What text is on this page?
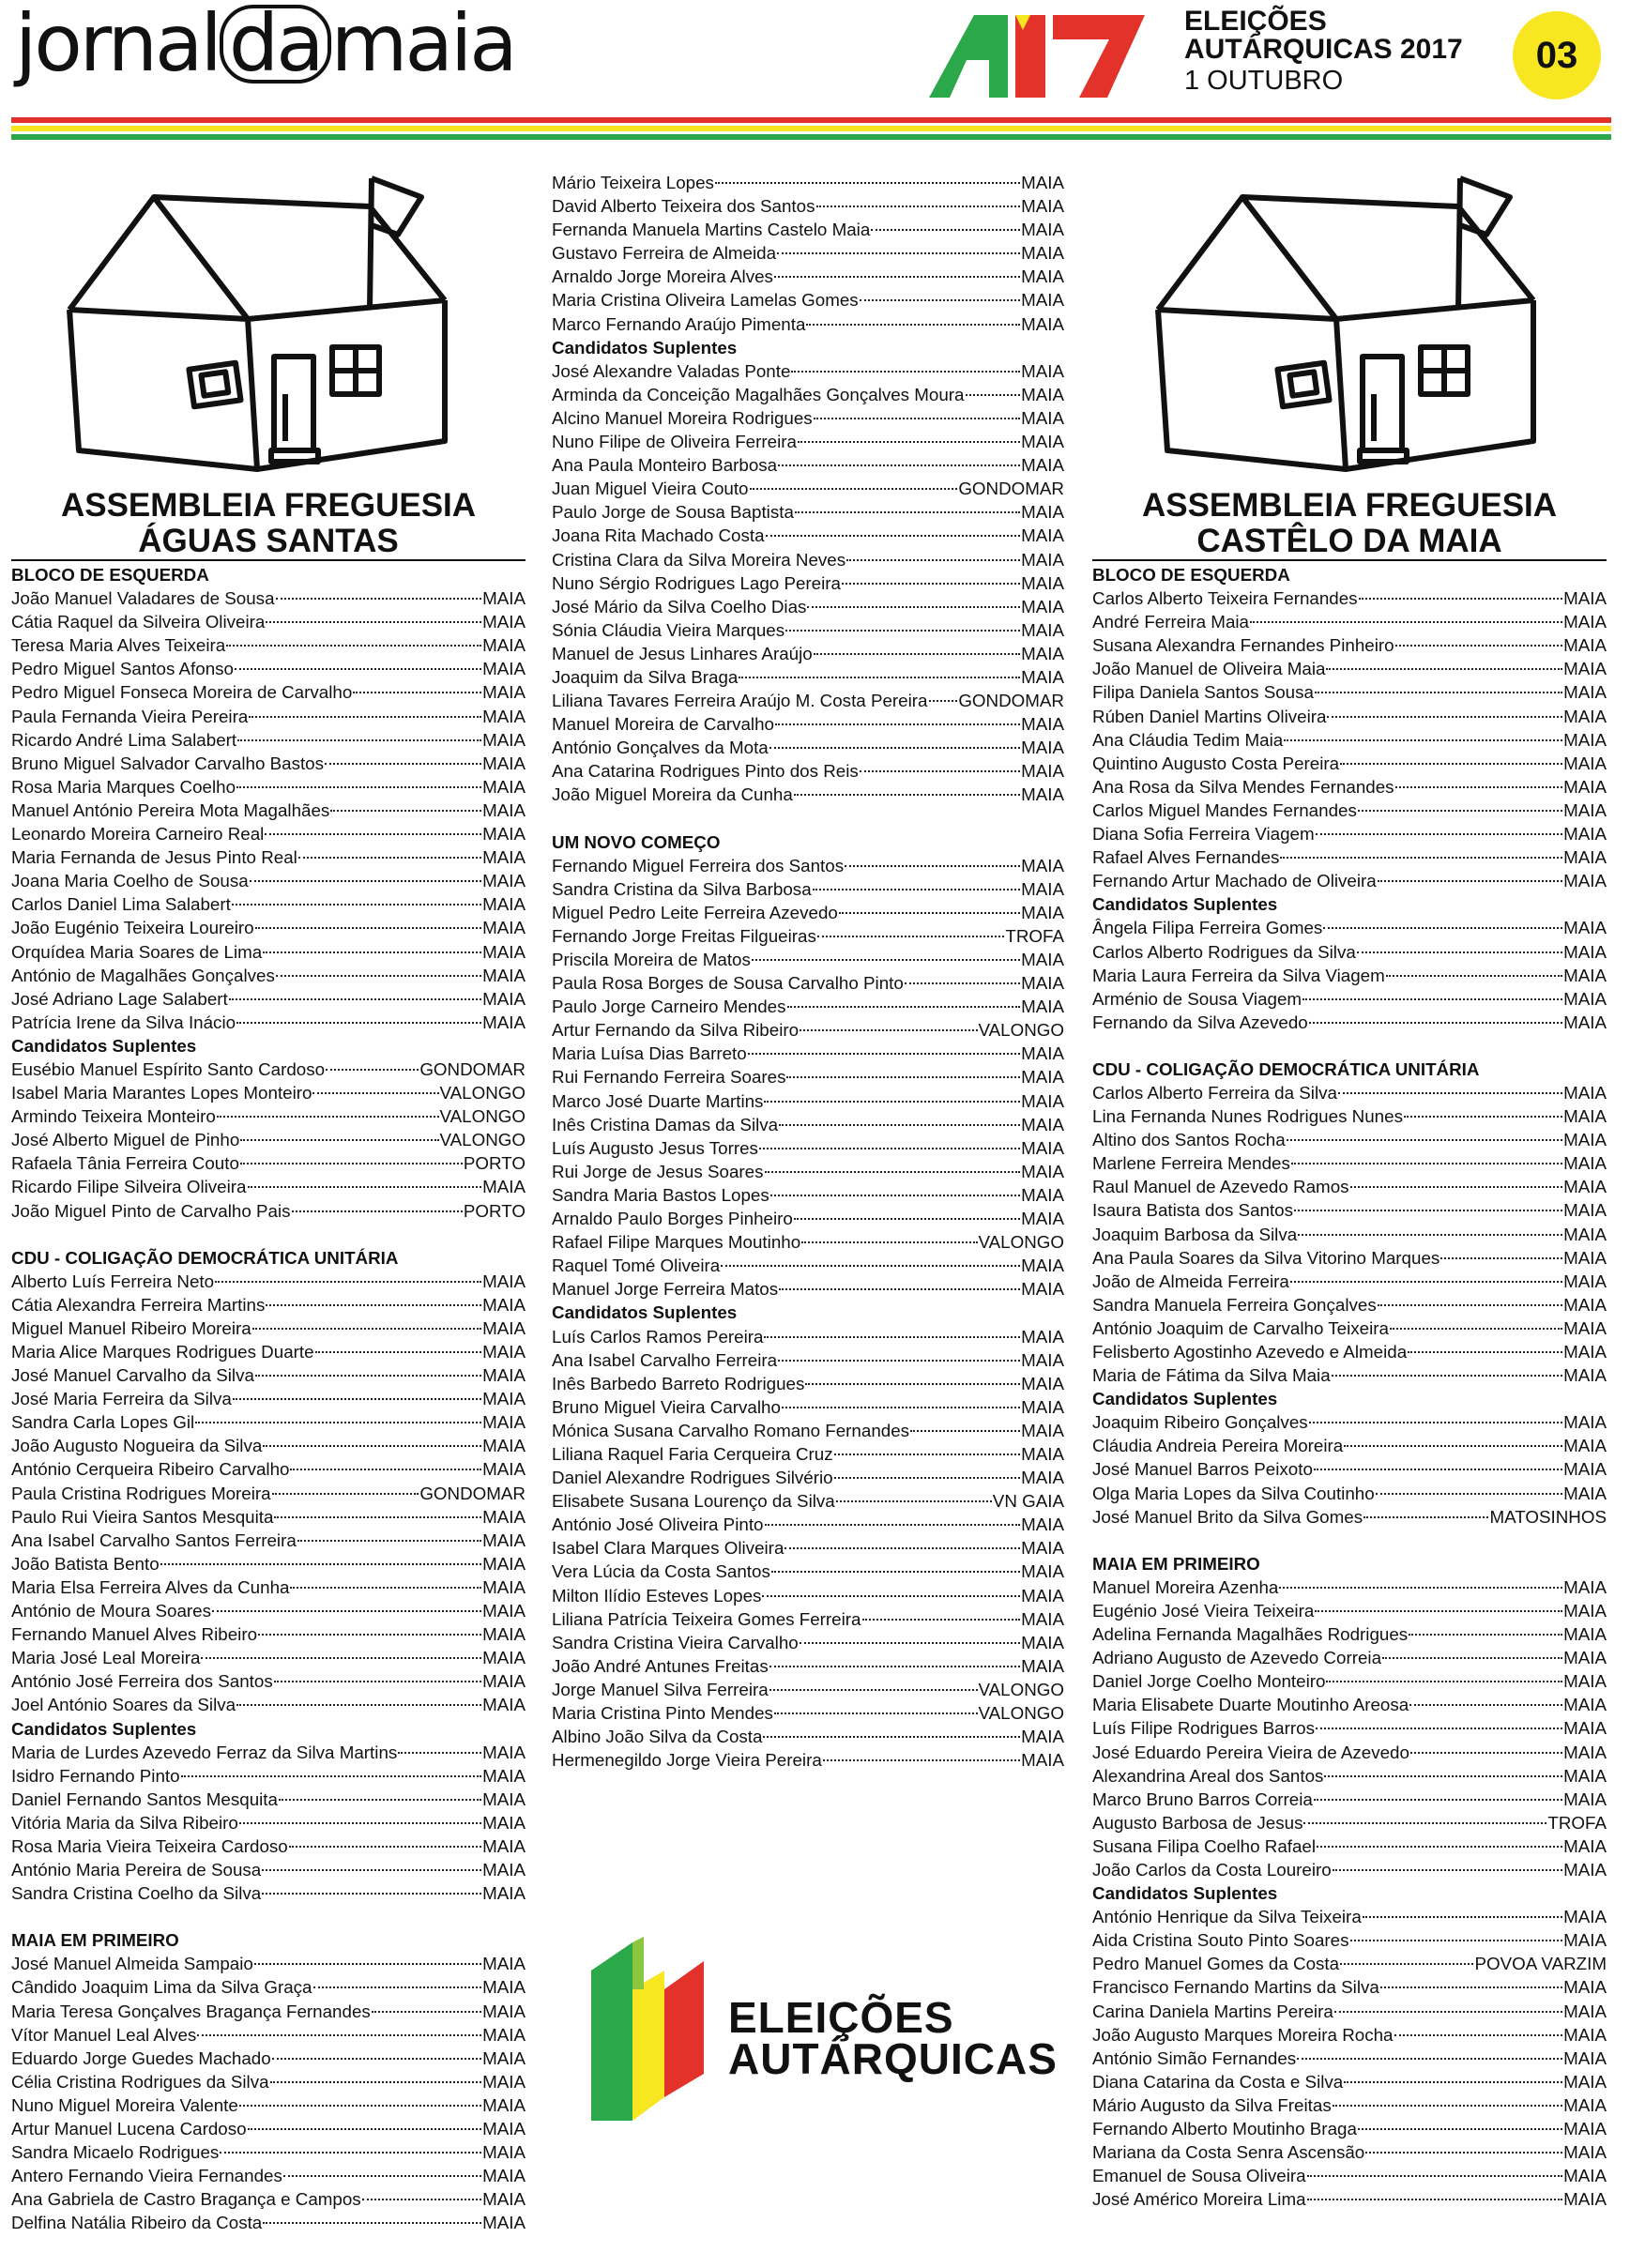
jornal da maia	ELEIÇÕES
AUTÁRQUICAS 2017
1 OUTUBRO
03
ASSEMBLEIA FREGUESIA
ÁGUAS SANTAS
ASSEMBLEIA FREGUESIA
CASTÊLO DA MAIA
BLOCO DE ESQUERDA
João Manuel Valadares de Sousa	MAIA
Cátia Raquel da Silveira Oliveira	MAIA
Teresa Maria Alves Teixeira	MAIA
Pedro Miguel Santos Afonso	MAIA
Pedro Miguel Fonseca Moreira de Carvalho	MAIA
Paula Fernanda Vieira Pereira	MAIA
Ricardo André Lima Salabert	MAIA
Bruno Miguel Salvador Carvalho Bastos	MAIA
Rosa Maria Marques Coelho	MAIA
Manuel António Pereira Mota Magalhães	MAIA
Leonardo Moreira Carneiro Real	MAIA
Maria Fernanda de Jesus Pinto Real	MAIA
Joana Maria Coelho de Sousa	MAIA
Carlos Daniel Lima Salabert	MAIA
João Eugénio Teixeira Loureiro	MAIA
Orquídea Maria Soares de Lima	MAIA
António de Magalhães Gonçalves	MAIA
José Adriano Lage Salabert	MAIA
Patrícia Irene da Silva Inácio	MAIA
Candidatos Suplentes
Eusébio Manuel Espírito Santo Cardoso	GONDOMAR
Isabel Maria Marantes Lopes Monteiro	VALONGO
Armindo Teixeira Monteiro	VALONGO
José Alberto Miguel de Pinho	VALONGO
Rafaela Tânia Ferreira Couto	PORTO
Ricardo Filipe Silveira Oliveira	MAIA
João Miguel Pinto de Carvalho Pais	PORTO
CDU - COLIGAÇÃO DEMOCRÁTICA UNITÁRIA
Alberto Luís Ferreira Neto	MAIA
Cátia Alexandra Ferreira Martins	MAIA
Miguel Manuel Ribeiro Moreira	MAIA
Maria Alice Marques Rodrigues Duarte	MAIA
José Manuel Carvalho da Silva	MAIA
José Maria Ferreira da Silva	MAIA
Sandra Carla Lopes Gil	MAIA
João Augusto Nogueira da Silva	MAIA
António Cerqueira Ribeiro Carvalho	MAIA
Paula Cristina Rodrigues Moreira	GONDOMAR
Paulo Rui Vieira Santos Mesquita	MAIA
Ana Isabel Carvalho Santos Ferreira	MAIA
João Batista Bento	MAIA
Maria Elsa Ferreira Alves da Cunha	MAIA
António de Moura Soares	MAIA
Fernando Manuel Alves Ribeiro	MAIA
Maria José Leal Moreira	MAIA
António José Ferreira dos Santos	MAIA
Joel António Soares da Silva	MAIA
Candidatos Suplentes
Maria de Lurdes Azevedo Ferraz da Silva Martins	MAIA
Isidro Fernando Pinto	MAIA
Daniel Fernando Santos Mesquita	MAIA
Vitória Maria da Silva Ribeiro	MAIA
Rosa Maria Vieira Teixeira Cardoso	MAIA
António Maria Pereira de Sousa	MAIA
Sandra Cristina Coelho da Silva	MAIA
MAIA EM PRIMEIRO
José Manuel Almeida Sampaio	MAIA
Cândido Joaquim Lima da Silva Graça	MAIA
Maria Teresa Gonçalves Bragança Fernandes	MAIA
Vítor Manuel Leal Alves	MAIA
Eduardo Jorge Guedes Machado	MAIA
Célia Cristina Rodrigues da Silva	MAIA
Nuno Miguel Moreira Valente	MAIA
Artur Manuel Lucena Cardoso	MAIA
Sandra Micaelo Rodrigues	MAIA
Antero Fernando Vieira Fernandes	MAIA
Ana Gabriela de Castro Bragança e Campos	MAIA
Delfina Natália Ribeiro da Costa	MAIA
Mário Teixeira Lopes	MAIA
David Alberto Teixeira dos Santos	MAIA
Fernanda Manuela Martins Castelo Maia	MAIA
Gustavo Ferreira de Almeida	MAIA
Arnaldo Jorge Moreira Alves	MAIA
Maria Cristina Oliveira Lamelas Gomes	MAIA
Marco Fernando Araújo Pimenta	MAIA
Candidatos Suplentes
José Alexandre Valadas Ponte	MAIA
Arminda da Conceição Magalhães Gonçalves Moura	MAIA
Alcino Manuel Moreira Rodrigues	MAIA
Nuno Filipe de Oliveira Ferreira	MAIA
Ana Paula Monteiro Barbosa	MAIA
Juan Miguel Vieira Couto	GONDOMAR
Paulo Jorge de Sousa Baptista	MAIA
Joana Rita Machado Costa	MAIA
Cristina Clara da Silva Moreira Neves	MAIA
Nuno Sérgio Rodrigues Lago Pereira	MAIA
José Mário da Silva Coelho Dias	MAIA
Sónia Cláudia Vieira Marques	MAIA
Manuel de Jesus Linhares Araújo	MAIA
Joaquim da Silva Braga	MAIA
Liliana Tavares Ferreira Araújo M. Costa Pereira GONDOMAR
Manuel Moreira de Carvalho	MAIA
António Gonçalves da Mota	MAIA
Ana Catarina Rodrigues Pinto dos Reis	MAIA
João Miguel Moreira da Cunha	MAIA
UM NOVO COMEÇO
Fernando Miguel Ferreira dos Santos	MAIA
Sandra Cristina da Silva Barbosa	MAIA
Miguel Pedro Leite Ferreira Azevedo	MAIA
Fernando Jorge Freitas Filgueiras	TROFA
Priscila Moreira de Matos	MAIA
Paula Rosa Borges de Sousa Carvalho Pinto	MAIA
Paulo Jorge Carneiro Mendes	MAIA
Artur Fernando da Silva Ribeiro	VALONGO
Maria Luísa Dias Barreto	MAIA
Rui Fernando Ferreira Soares	MAIA
Marco José Duarte Martins	MAIA
Inês Cristina Damas da Silva	MAIA
Luís Augusto Jesus Torres	MAIA
Rui Jorge de Jesus Soares	MAIA
Sandra Maria Bastos Lopes	MAIA
Arnaldo Paulo Borges Pinheiro	MAIA
Rafael Filipe Marques Moutinho	VALONGO
Raquel Tomé Oliveira	MAIA
Manuel Jorge Ferreira Matos	MAIA
Candidatos Suplentes
Luís Carlos Ramos Pereira	MAIA
Ana Isabel Carvalho Ferreira	MAIA
Inês Barbedo Barreto Rodrigues	MAIA
Bruno Miguel Vieira Carvalho	MAIA
Mónica Susana Carvalho Romano Fernandes	MAIA
Liliana Raquel Faria Cerqueira Cruz	MAIA
Daniel Alexandre Rodrigues Silvério	MAIA
Elisabete Susana Lourenço da Silva	VN GAIA
António José Oliveira Pinto	MAIA
Isabel Clara Marques Oliveira	MAIA
Vera Lúcia da Costa Santos	MAIA
Milton Ilídio Esteves Lopes	MAIA
Liliana Patrícia Teixeira Gomes Ferreira	MAIA
Sandra Cristina Vieira Carvalho	MAIA
João André Antunes Freitas	MAIA
Jorge Manuel Silva Ferreira	VALONGO
Maria Cristina Pinto Mendes	VALONGO
Albino João Silva da Costa	MAIA
Hermenegildo Jorge Vieira Pereira	MAIA
BLOCO DE ESQUERDA
Carlos Alberto Teixeira Fernandes	MAIA
André Ferreira Maia	MAIA
Susana Alexandra Fernandes Pinheiro	MAIA
João Manuel de Oliveira Maia	MAIA
Filipa Daniela Santos Sousa	MAIA
Rúben Daniel Martins Oliveira	MAIA
Ana Cláudia Tedim Maia	MAIA
Quintino Augusto Costa Pereira	MAIA
Ana Rosa da Silva Mendes Fernandes	MAIA
Carlos Miguel Mandes Fernandes	MAIA
Diana Sofia Ferreira Viagem	MAIA
Rafael Alves Fernandes	MAIA
Fernando Artur Machado de Oliveira	MAIA
Candidatos Suplentes
Ângela Filipa Ferreira Gomes	MAIA
Carlos Alberto Rodrigues da Silva	MAIA
Maria Laura Ferreira da Silva Viagem	MAIA
Arménio de Sousa Viagem	MAIA
Fernando da Silva Azevedo	MAIA
CDU - COLIGAÇÃO DEMOCRÁTICA UNITÁRIA
Carlos Alberto Ferreira da Silva	MAIA
Lina Fernanda Nunes Rodrigues Nunes	MAIA
Altino dos Santos Rocha	MAIA
Marlene Ferreira Mendes	MAIA
Raul Manuel de Azevedo Ramos	MAIA
Isaura Batista dos Santos	MAIA
Joaquim Barbosa da Silva	MAIA
Ana Paula Soares da Silva Vitorino Marques	MAIA
João de Almeida Ferreira	MAIA
Sandra Manuela Ferreira Gonçalves	MAIA
António Joaquim de Carvalho Teixeira	MAIA
Felisberto Agostinho Azevedo e Almeida	MAIA
Maria de Fátima da Silva Maia	MAIA
Candidatos Suplentes
Joaquim Ribeiro Gonçalves	MAIA
Cláudia Andreia Pereira Moreira	MAIA
José Manuel Barros Peixoto	MAIA
Olga Maria Lopes da Silva Coutinho	MAIA
José Manuel Brito da Silva Gomes	MATOSINHOS
MAIA EM PRIMEIRO
Manuel Moreira Azenha	MAIA
Eugénio José Vieira Teixeira	MAIA
Adelina Fernanda Magalhães Rodrigues	MAIA
Adriano Augusto de Azevedo Correia	MAIA
Daniel Jorge Coelho Monteiro	MAIA
Maria Elisabete Duarte Moutinho Areosa	MAIA
Luís Filipe Rodrigues Barros	MAIA
José Eduardo Pereira Vieira de Azevedo	MAIA
Alexandrina Areal dos Santos	MAIA
Marco Bruno Barros Correia	MAIA
Augusto Barbosa de Jesus	TROFA
Susana Filipa Coelho Rafael	MAIA
João Carlos da Costa Loureiro	MAIA
Candidatos Suplentes
António Henrique da Silva Teixeira	MAIA
Aida Cristina Souto Pinto Soares	MAIA
Pedro Manuel Gomes da Costa	POVOA VARZIM
Francisco Fernando Martins da Silva	MAIA
Carina Daniela Martins Pereira	MAIA
João Augusto Marques Moreira Rocha	MAIA
António Simão Fernandes	MAIA
Diana Catarina da Costa e Silva	MAIA
Mário Augusto da Silva Freitas	MAIA
Fernando Alberto Moutinho Braga	MAIA
Mariana da Costa Senra Ascensão	MAIA
Emanuel de Sousa Oliveira	MAIA
José Américo Moreira Lima	MAIA
ELEIÇÕES
AUTÁRQUICAS
